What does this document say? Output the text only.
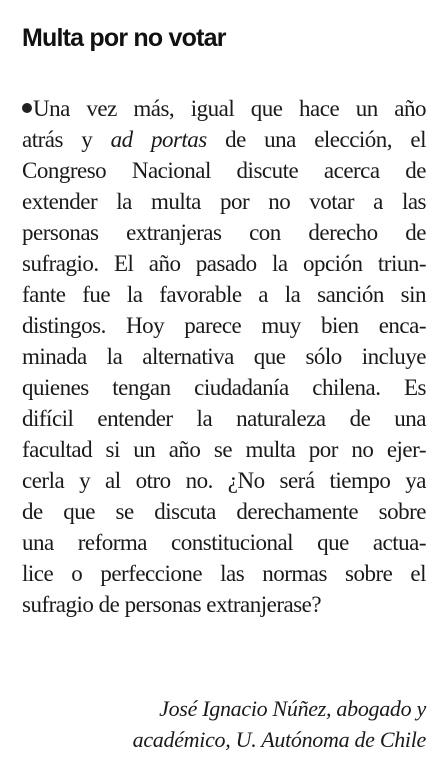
Multa por no votar
Una vez más, igual que hace un año
atrás y ad portas de una elección, el
Congreso Nacional discute acerca de
extender la multa por no votar a las
personas extranjeras con derecho de
sufragio. El año pasado la opción triun-
fante fue la favorable a la sanción sin
distingos. Hoy parece muy bien enca-
minada la alternativa que sólo incluye
quienes tengan ciudadanía chilena. Es
difícil entender la naturaleza de una
facultad si un año se multa por no ejer-
cerla y al otro no. ¿No será tiempo ya
de que se discuta derechamente sobre
una reforma constitucional que actua-
lice o perfeccione las normas sobre el
sufragio de personas extranjerase?
José Ignacio Núñez, abogado y
académico, U. Autónoma de Chile
